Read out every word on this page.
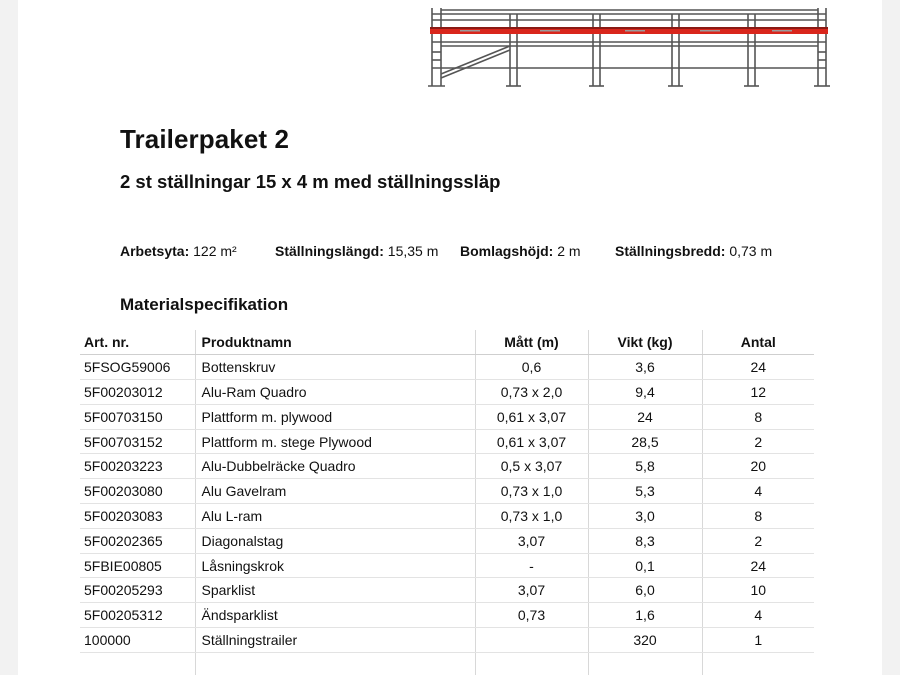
Trailerpaket 2
2 st ställningar 15 x 4 m med ställningssläp
Arbetsyta: 122 m²	Ställningslängd: 15,35 m Bomlagshöjd: 2 m Ställningsbredd: 0,73 m
Materialspecifikation
Art. nr.	Produktnamn	Mått (m)	Vikt (kg)	Antal
5FSOG59006	Bottenskruv	0,6	3,6	24
5F00203012	Alu-Ram Quadro	0,73 x 2,0	9,4	12
5F00703150	Plattform m. plywood	0,61 x 3,07	24	8
5F00703152	Plattform m. stege Plywood	0,61 x 3,07	28,5	2
5F00203223	Alu-Dubbelräcke Quadro	0,5 x 3,07	5,8	20
5F00203080	Alu Gavelram	0,73 x 1,0	5,3	4
5F00203083	Alu L-ram	0,73 x 1,0	3,0	8
5F00202365	Diagonalstag	3,07	8,3	2
5FBIE00805	Låsningskrok	-	0,1	24
5F00205293	Sparklist	3,07	6,0	10
5F00205312	Ändsparklist	0,73	1,6	4
100000	Ställningstrailer		320	1
